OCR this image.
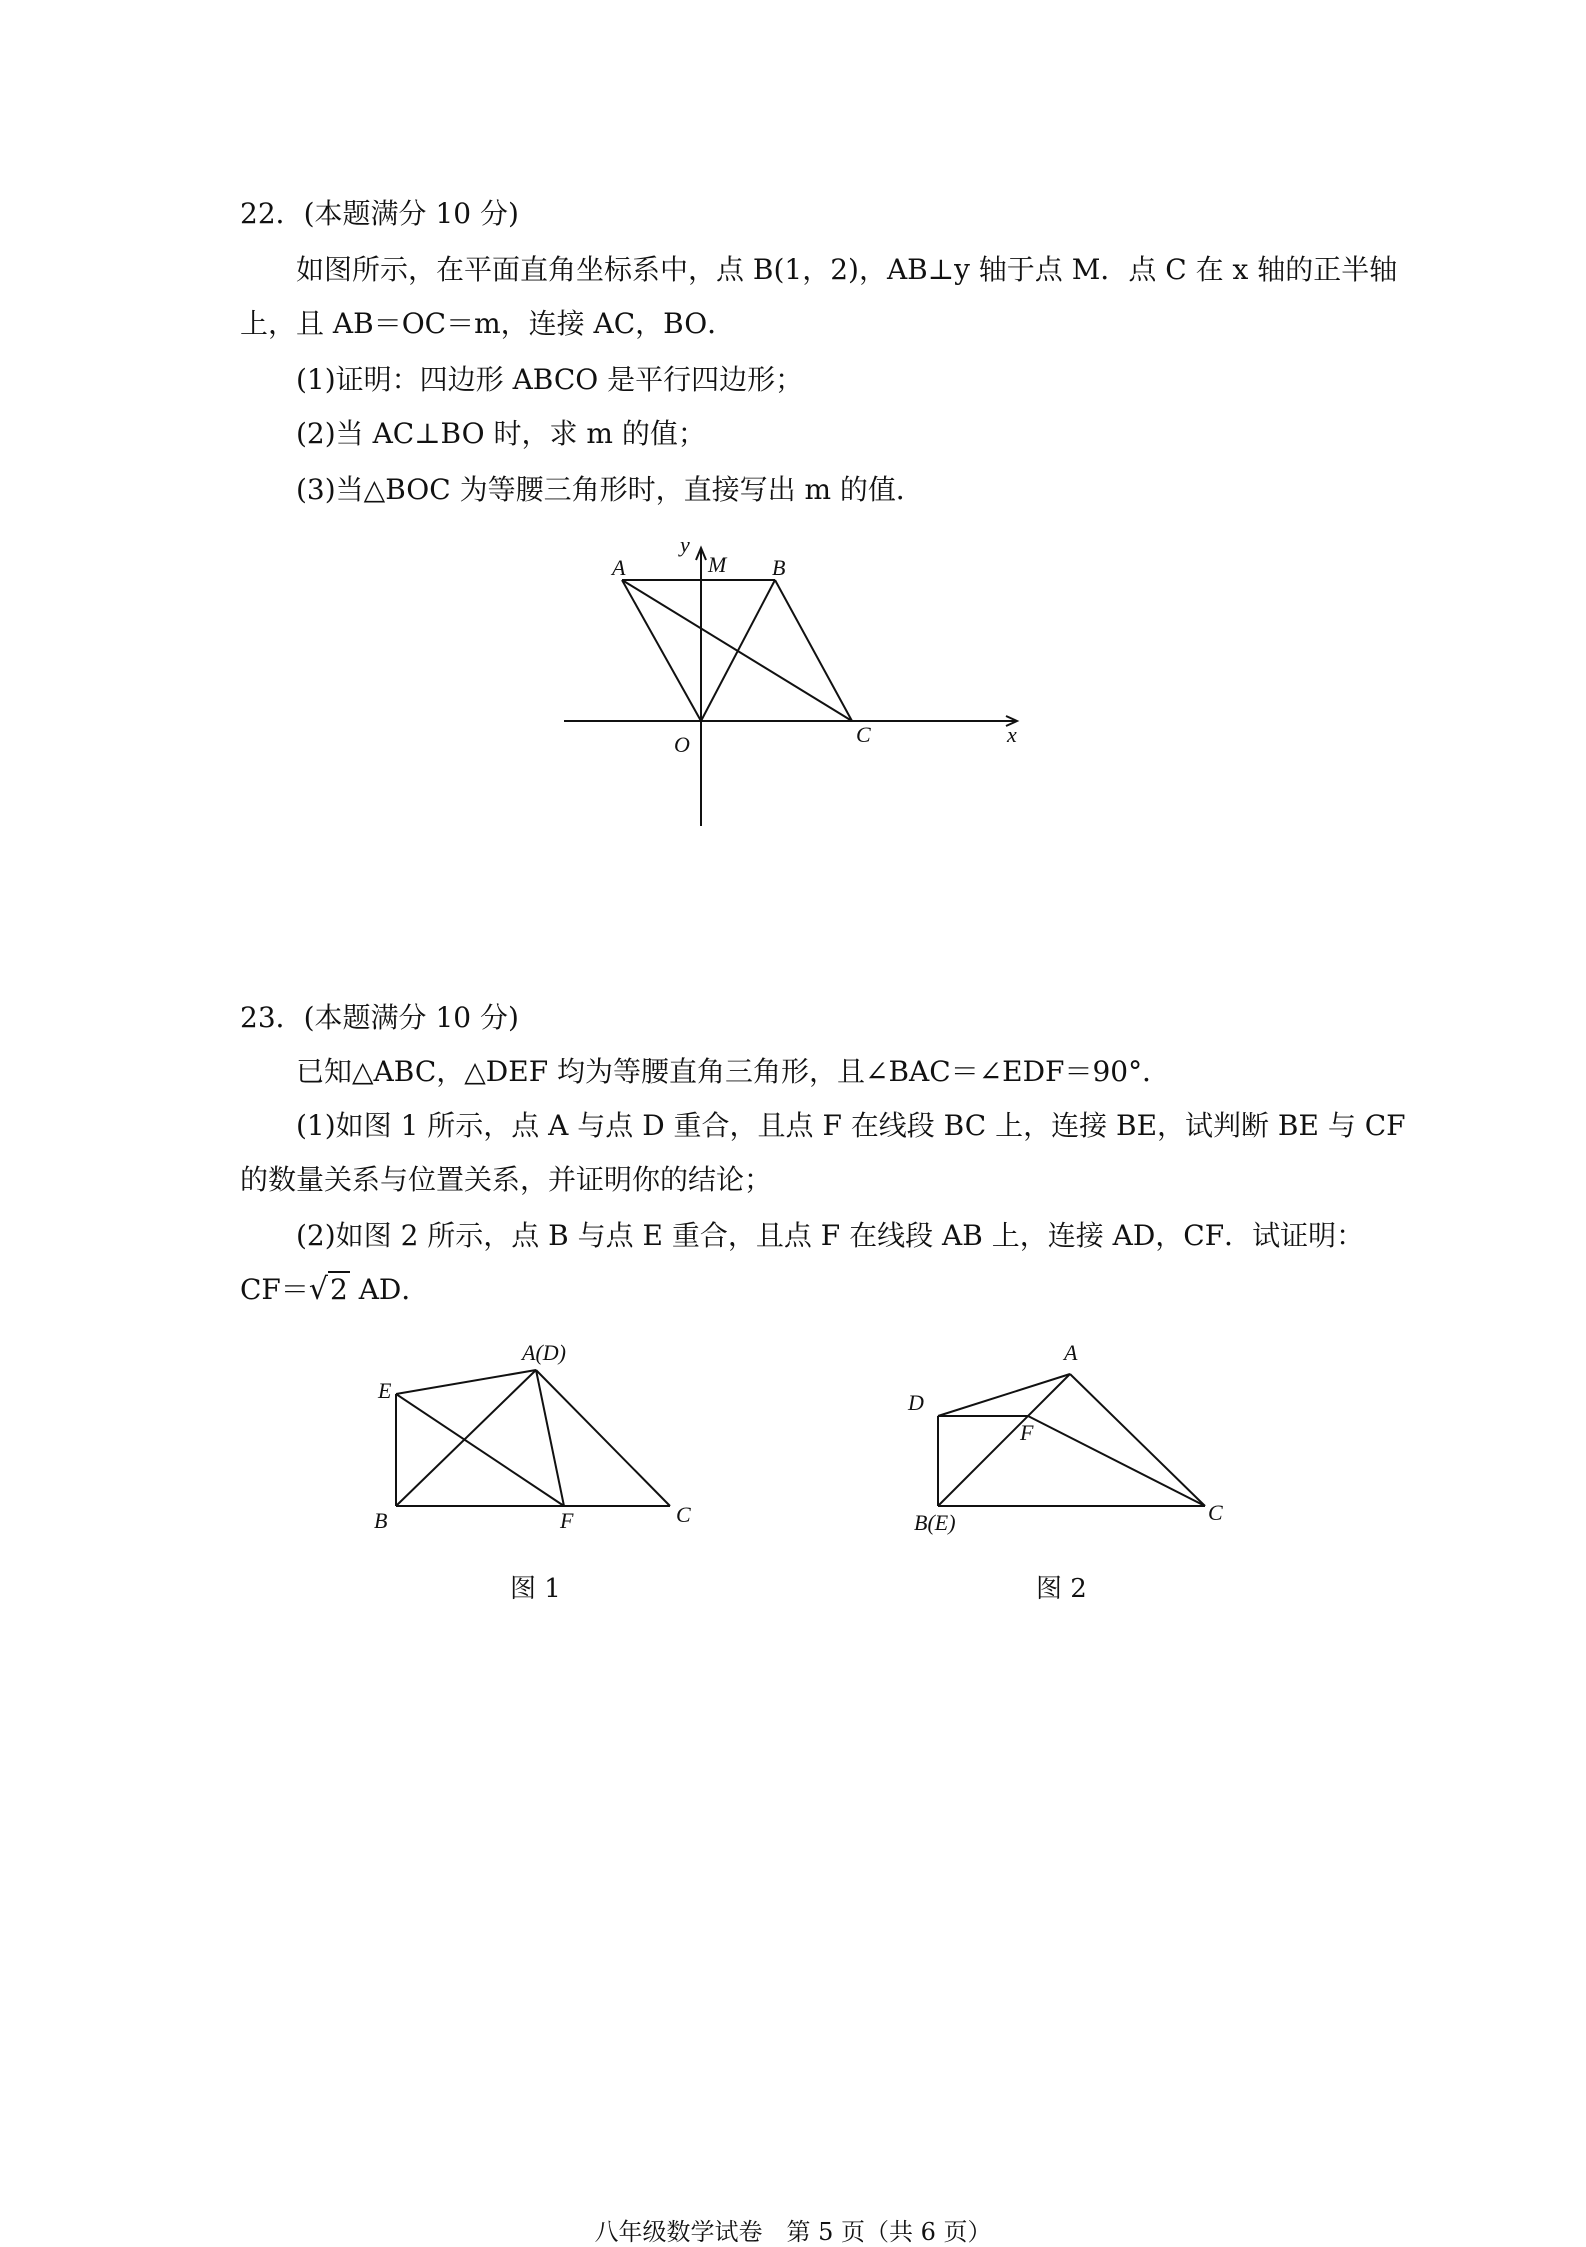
22．(本题满分 10 分)
如图所示，在平面直角坐标系中，点 B(1，2)，AB⊥y 轴于点 M．点 C 在 x 轴的正半轴
上，且 AB＝OC＝m，连接 AC，BO．
(1)证明：四边形 ABCO 是平行四边形；
(2)当 AC⊥BO 时，求 m 的值；
(3)当△BOC 为等腰三角形时，直接写出 m 的值．
y
x
A	M B
O	C
23．(本题满分 10 分)
已知△ABC，△DEF 均为等腰直角三角形，且∠BAC＝∠EDF＝90°．
(1)如图 1 所示，点 A 与点 D 重合，且点 F 在线段 BC 上，连接 BE，试判断 BE 与 CF
的数量关系与位置关系，并证明你的结论；
(2)如图 2 所示，点 B 与点 E 重合，且点 F 在线段 AB 上，连接 AD，CF．试证明：
CF＝√2 AD．
A(D)
E
B	F	C
图 1
A
D
F
B(E)	C
图 2
八年级数学试卷　第 5 页（共 6 页）
